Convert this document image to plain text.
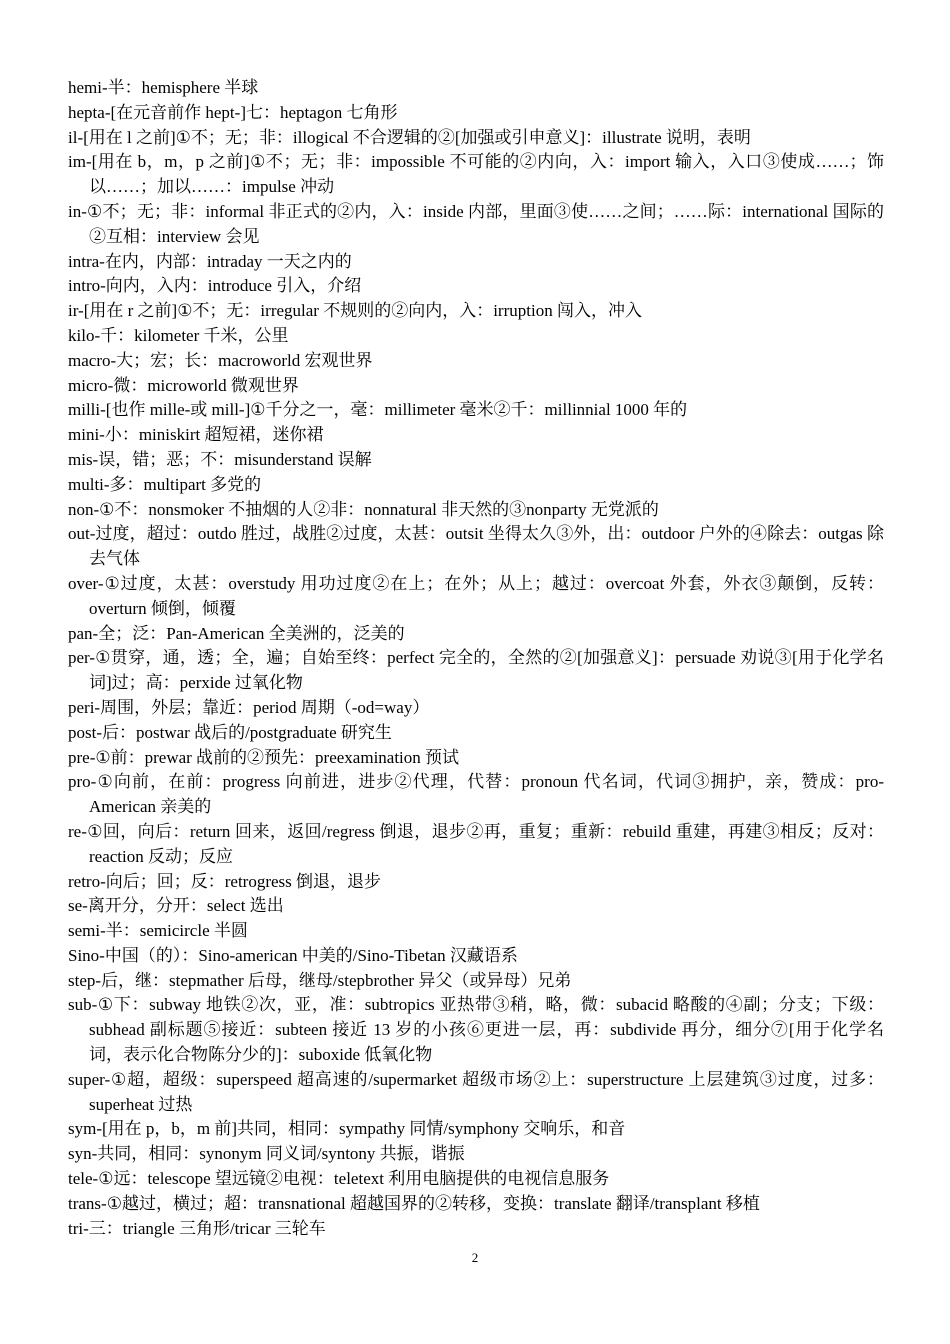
hemi-半：hemisphere 半球
hepta-[在元音前作 hept-]七：heptagon 七角形
il-[用在 l 之前]①不；无；非：illogical 不合逻辑的②[加强或引申意义]：illustrate 说明，表明
im-[用在 b，m，p 之前]①不；无；非：impossible 不可能的②内向，入：import 输入，入口③使成……；饰以……；加以……：impulse 冲动
in-①不；无；非：informal 非正式的②内，入：inside 内部，里面③使……之间；……际：international 国际的②互相：interview 会见
intra-在内，内部：intraday 一天之内的
intro-向内，入内：introduce 引入，介绍
ir-[用在 r 之前]①不；无：irregular 不规则的②向内，入：irruption 闯入，冲入
kilo-千：kilometer 千米，公里
macro-大；宏；长：macroworld 宏观世界
micro-微：microworld 微观世界
milli-[也作 mille-或 mill-]①千分之一，毫：millimeter 毫米②千：millinnial 1000 年的
mini-小：miniskirt 超短裙，迷你裙
mis-误，错；恶；不：misunderstand 误解
multi-多：multipart 多党的
non-①不：nonsmoker 不抽烟的人②非：nonnatural 非天然的③nonparty 无党派的
out-过度，超过：outdo 胜过，战胜②过度，太甚：outsit 坐得太久③外，出：outdoor 户外的④除去：outgas 除去气体
over-①过度，太甚：overstudy 用功过度②在上；在外；从上；越过：overcoat 外套，外衣③颠倒，反转：overturn 倾倒，倾覆
pan-全；泛：Pan-American 全美洲的，泛美的
per-①贯穿，通，透；全，遍；自始至终：perfect 完全的，全然的②[加强意义]：persuade 劝说③[用于化学名词]过；高：perxide 过氧化物
peri-周围，外层；靠近：period 周期（-od=way）
post-后：postwar 战后的/postgraduate 研究生
pre-①前：prewar 战前的②预先：preexamination 预试
pro-①向前，在前：progress 向前进，进步②代理，代替：pronoun 代名词，代词③拥护，亲，赞成：pro-American 亲美的
re-①回，向后：return 回来，返回/regress 倒退，退步②再，重复；重新：rebuild 重建，再建③相反；反对：reaction 反动；反应
retro-向后；回；反：retrogress 倒退，退步
se-离开分，分开：select 选出
semi-半：semicircle 半圆
Sino-中国（的）：Sino-american 中美的/Sino-Tibetan 汉藏语系
step-后，继：stepmather 后母，继母/stepbrother 异父（或异母）兄弟
sub-①下：subway 地铁②次，亚，准：subtropics 亚热带③稍，略，微：subacid 略酸的④副；分支；下级：subhead 副标题⑤接近：subteen 接近 13 岁的小孩⑥更进一层，再：subdivide 再分，细分⑦[用于化学名词，表示化合物陈分少的]：suboxide 低氧化物
super-①超，超级：superspeed 超高速的/supermarket 超级市场②上：superstructure 上层建筑③过度，过多：superheat 过热
sym-[用在 p，b，m 前]共同，相同：sympathy 同情/symphony 交响乐，和音
syn-共同，相同：synonym 同义词/syntony 共振，谐振
tele-①远：telescope 望远镜②电视：teletext 利用电脑提供的电视信息服务
trans-①越过，横过；超：transnational 超越国界的②转移，变换：translate 翻译/transplant 移植
tri-三：triangle 三角形/tricar 三轮车
2
